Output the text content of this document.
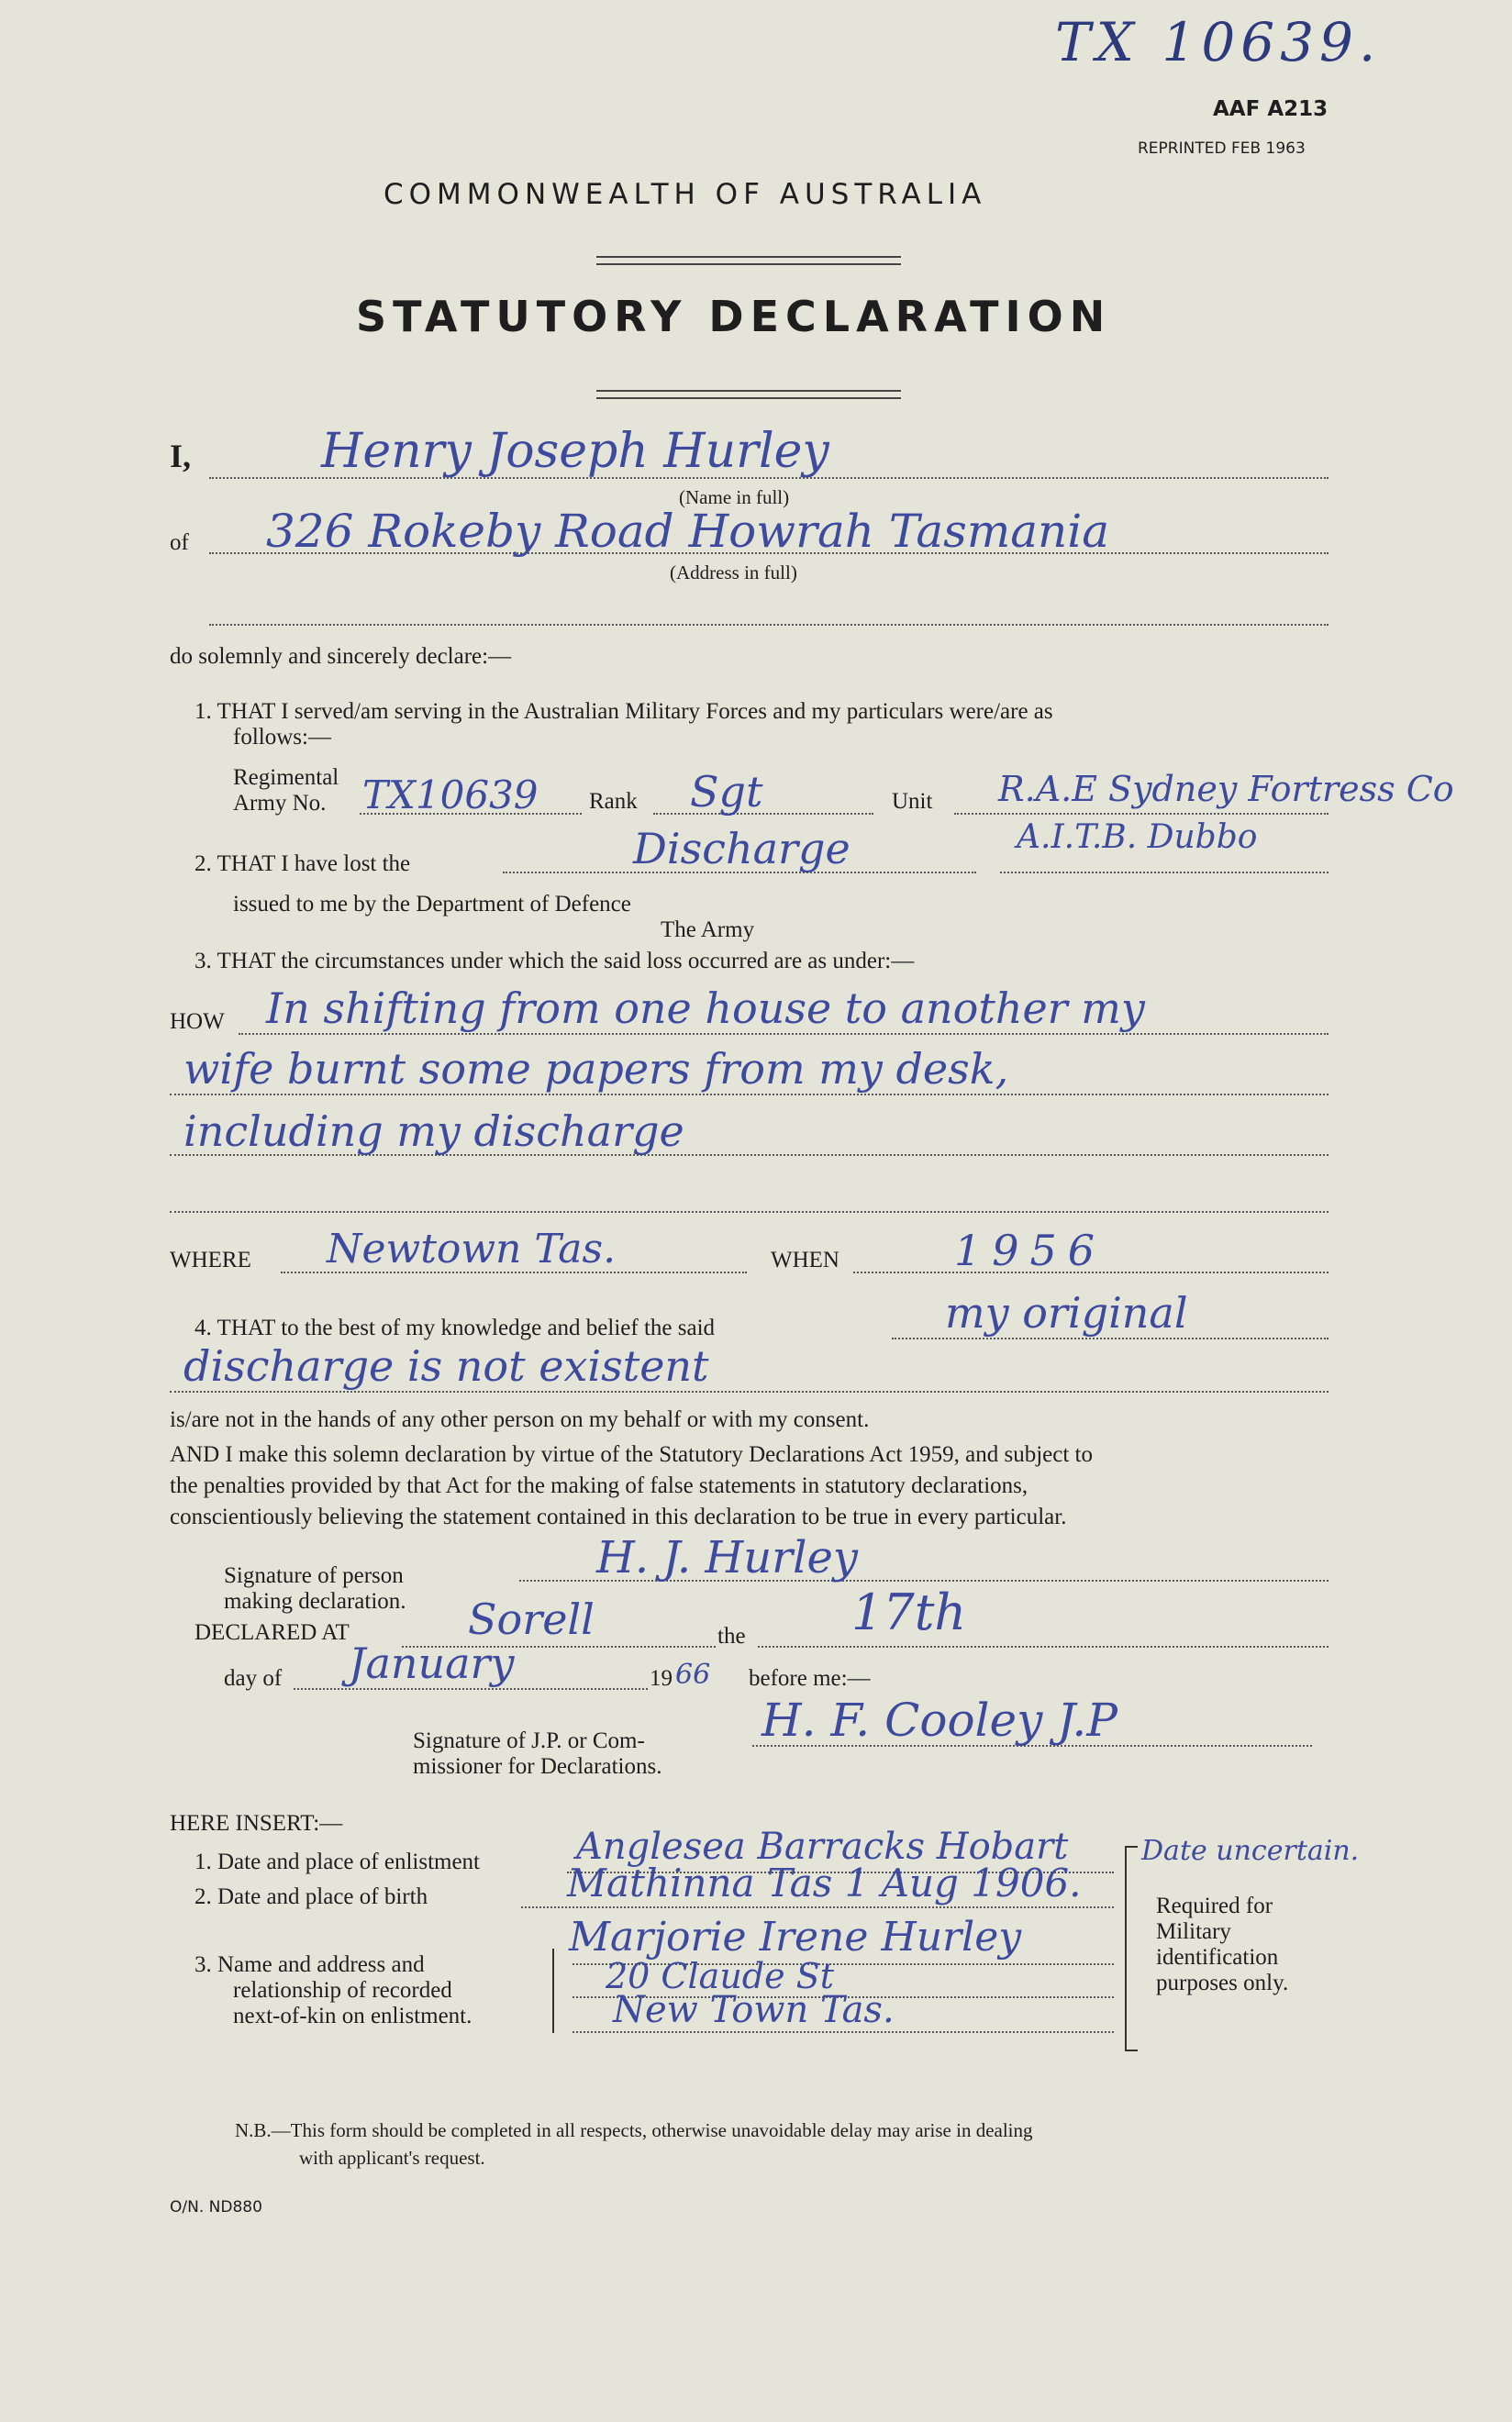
TX 10639.
AAF A213
REPRINTED FEB 1963
COMMONWEALTH OF AUSTRALIA
STATUTORY DECLARATION
I,	Henry Joseph Hurley
(Name in full)
of 326 Rokeby Road Howrah Tasmania
(Address in full)
do solemnly and sincerely declare:—
1. THAT I served/am serving in the Australian Military Forces and my particulars were/are as
follows:—
Regimental
Army No. TX10639 Rank Sgt	Unit R.A.E Sydney Fortress Co
A.I.T.B. Dubbo
2. THAT I have lost the	Discharge
issued to me by the Department of Defence
The Army
3. THAT the circumstances under which the said loss occurred are as under:—
HOW In shifting from one house to another my
wife burnt some papers from my desk,
including my discharge
WHERE Newtown Tas.	WHEN	1956
4. THAT to the best of my knowledge and belief the said	my original
discharge is not existent
is/are not in the hands of any other person on my behalf or with my consent.
AND I make this solemn declaration by virtue of the Statutory Declarations Act 1959, and subject to
the penalties provided by that Act for the making of false statements in statutory declarations,
conscientiously believing the statement contained in this declaration to be true in every particular.
Signature of person
making declaration.
H. J. Hurley
DECLARED AT	Sorell	the 17th
day of January	19 66 before me:—
Signature of J.P. or Com-
missioner for Declarations.
H. F. Cooley J.P
HERE INSERT:—
1. Date and place of enlistment	Anglesea Barracks Hobart
2. Date and place of birth	Mathinna Tas 1 Aug 1906.
3. Name and address and
relationship of recorded
next-of-kin on enlistment.
Marjorie Irene Hurley
20 Claude St
New Town Tas.
Date uncertain.
Required for
Military
identification
purposes only.
N.B.—This form should be completed in all respects, otherwise unavoidable delay may arise in dealing
with applicant's request.
O/N. ND880
